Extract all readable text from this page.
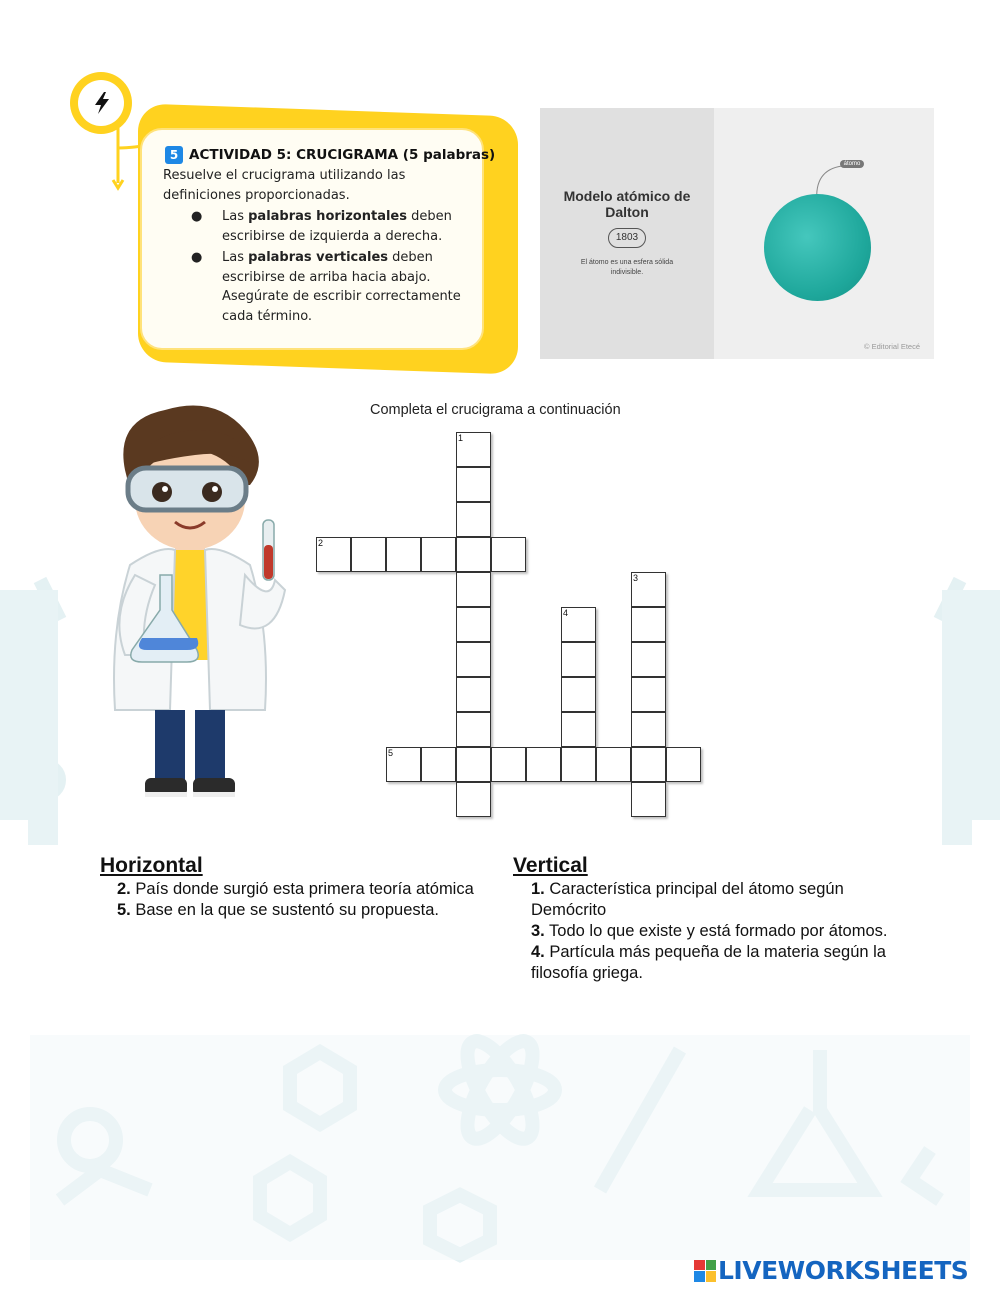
5 ACTIVIDAD 5: CRUCIGRAMA (5 palabras)
Resuelve el crucigrama utilizando las definiciones proporcionadas.
● Las palabras horizontales deben escribirse de izquierda a derecha.
● Las palabras verticales deben escribirse de arriba hacia abajo. Asegúrate de escribir correctamente cada término.
Modelo atómico de Dalton
1803
El átomo es una esfera sólida indivisible.
átomo
© Editorial Etecé
Completa el crucigrama a continuación
1
2
3
4
5
Horizontal
2. País donde surgió esta primera teoría atómica
5. Base en la que se sustentó su propuesta.
Vertical
1. Característica principal del átomo según Demócrito
3. Todo lo que existe y está formado por átomos.
4. Partícula más pequeña de la materia según la filosofía griega.
LIVEWORKSHEETS
